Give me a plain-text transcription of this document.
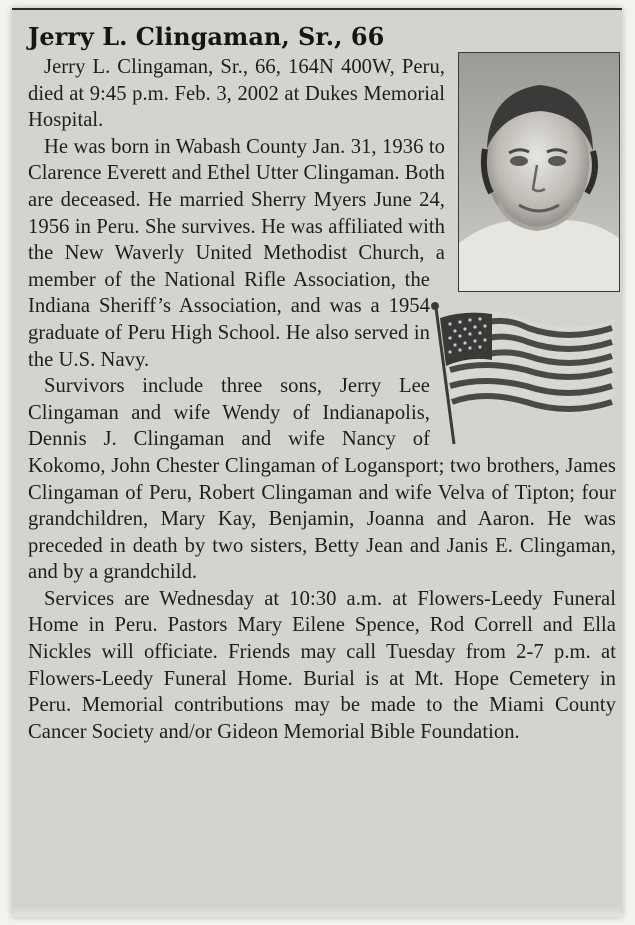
Jerry L. Clingaman, Sr., 66

Jerry L. Clingaman, Sr., 66, 164N 400W, Peru, died at 9:45 p.m. Feb. 3, 2002 at Dukes Memorial Hospital.

He was born in Wabash County Jan. 31, 1936 to Clarence Everett and Ethel Utter Clingaman. Both are deceased. He married Sherry Myers June 24, 1956 in Peru. She survives. He was affiliated with the New Waverly United Methodist Church, a member of the National Rifle Association, the Indiana Sheriff’s Association, and was a 1954 graduate of Peru High School. He also served in the U.S. Navy.

Survivors include three sons, Jerry Lee Clingaman and wife Wendy of Indianapolis, Dennis J. Clingaman and wife Nancy of Kokomo, John Chester Clingaman of Logansport; two brothers, James Clingaman of Peru, Robert Clingaman and wife Velva of Tipton; four grandchildren, Mary Kay, Benjamin, Joanna and Aaron. He was preceded in death by two sisters, Betty Jean and Janis E. Clingaman, and by a grandchild.

Services are Wednesday at 10:30 a.m. at Flowers-Leedy Funeral Home in Peru. Pastors Mary Eilene Spence, Rod Correll and Ella Nickles will officiate. Friends may call Tuesday from 2-7 p.m. at Flowers-Leedy Funeral Home. Burial is at Mt. Hope Cemetery in Peru. Memorial contributions may be made to the Miami County Cancer Society and/or Gideon Memorial Bible Foundation.
